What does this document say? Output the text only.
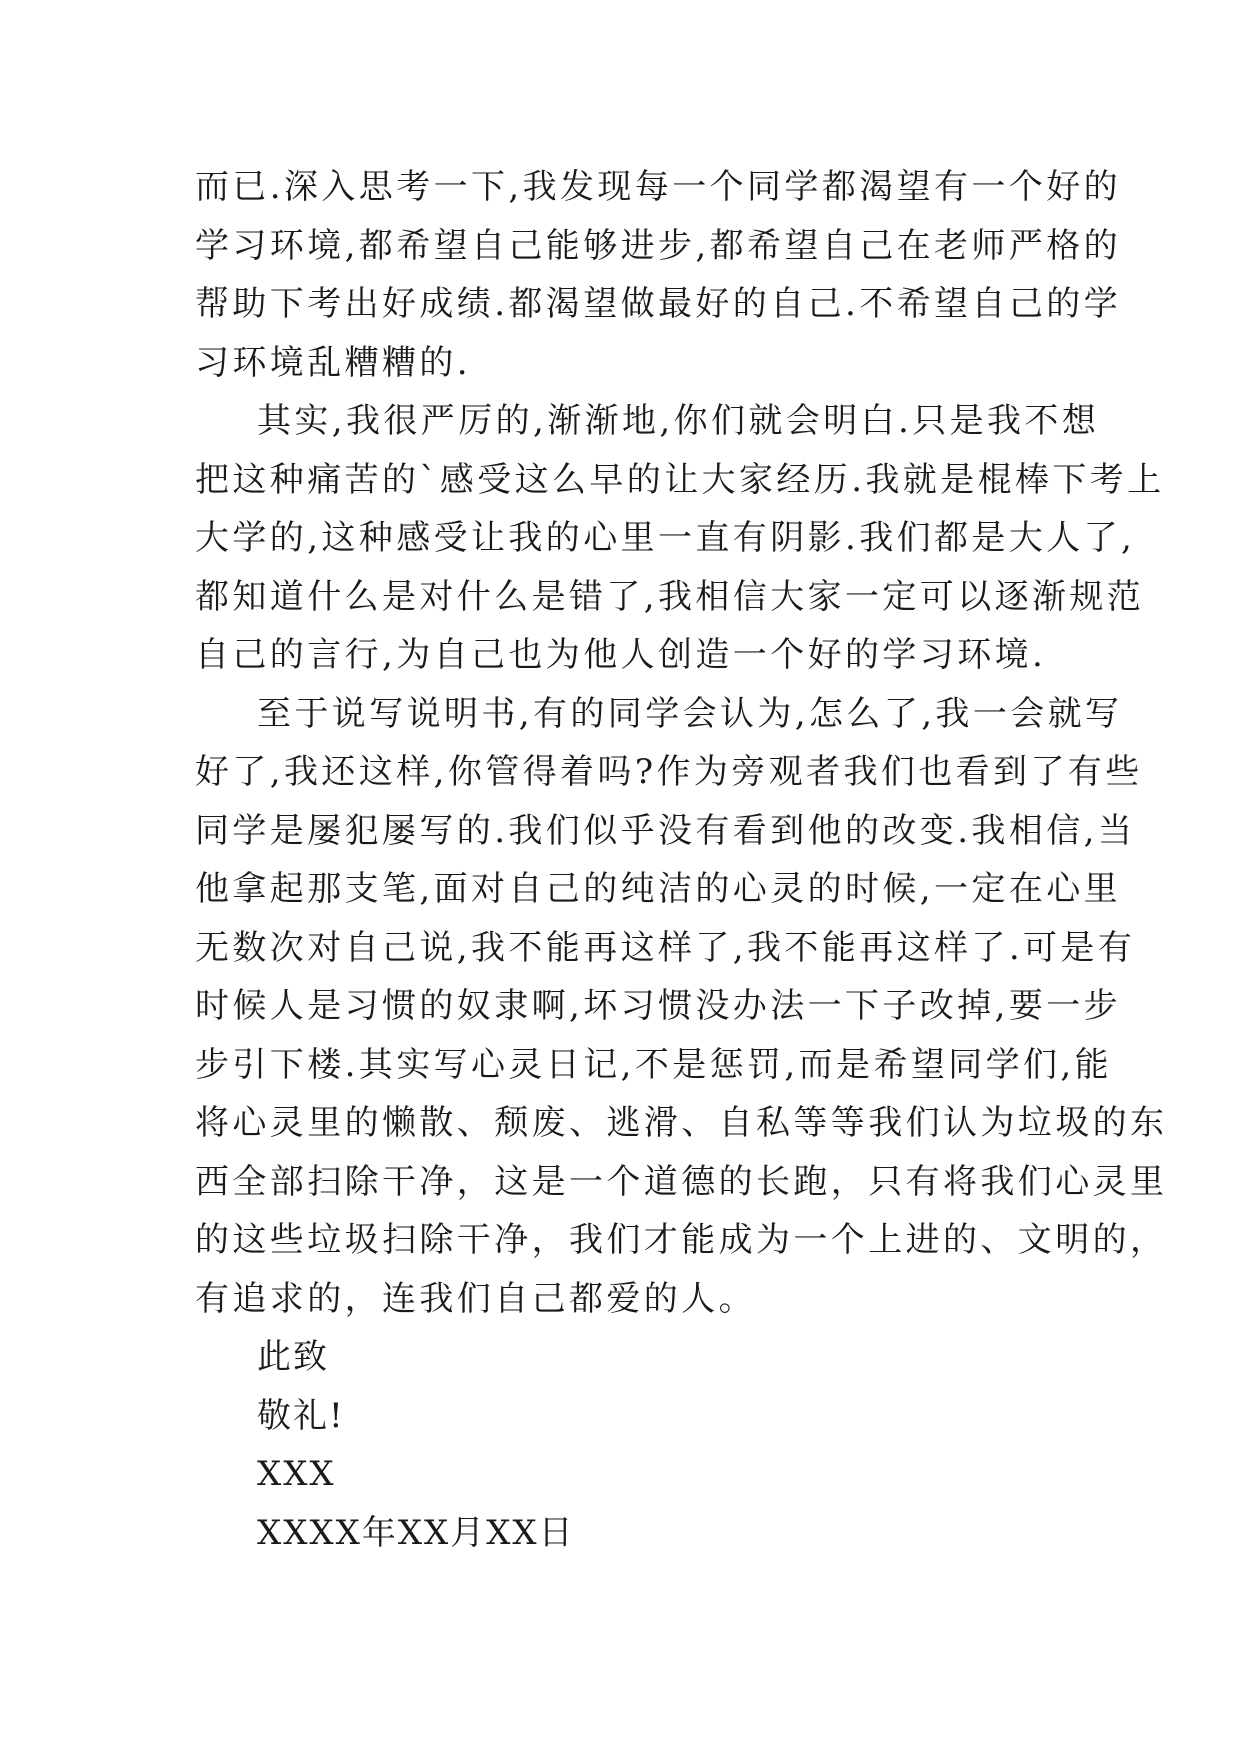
而已.深入思考一下,我发现每一个同学都渴望有一个好的
学习环境,都希望自己能够进步,都希望自己在老师严格的
帮助下考出好成绩.都渴望做最好的自己.不希望自己的学
习环境乱糟糟的.
其实,我很严厉的,渐渐地,你们就会明白.只是我不想
把这种痛苦的`感受这么早的让大家经历.我就是棍棒下考上
大学的,这种感受让我的心里一直有阴影.我们都是大人了,
都知道什么是对什么是错了,我相信大家一定可以逐渐规范
自己的言行,为自己也为他人创造一个好的学习环境.
至于说写说明书,有的同学会认为,怎么了,我一会就写
好了,我还这样,你管得着吗?作为旁观者我们也看到了有些
同学是屡犯屡写的.我们似乎没有看到他的改变.我相信,当
他拿起那支笔,面对自己的纯洁的心灵的时候,一定在心里
无数次对自己说,我不能再这样了,我不能再这样了.可是有
时候人是习惯的奴隶啊,坏习惯没办法一下子改掉,要一步
步引下楼.其实写心灵日记,不是惩罚,而是希望同学们,能
将心灵里的懒散、颓废、逃滑、自私等等我们认为垃圾的东
西全部扫除干净，这是一个道德的长跑，只有将我们心灵里
的这些垃圾扫除干净，我们才能成为一个上进的、文明的，
有追求的，连我们自己都爱的人。
此致
敬礼!
XXX
XXXX年XX月XX日
